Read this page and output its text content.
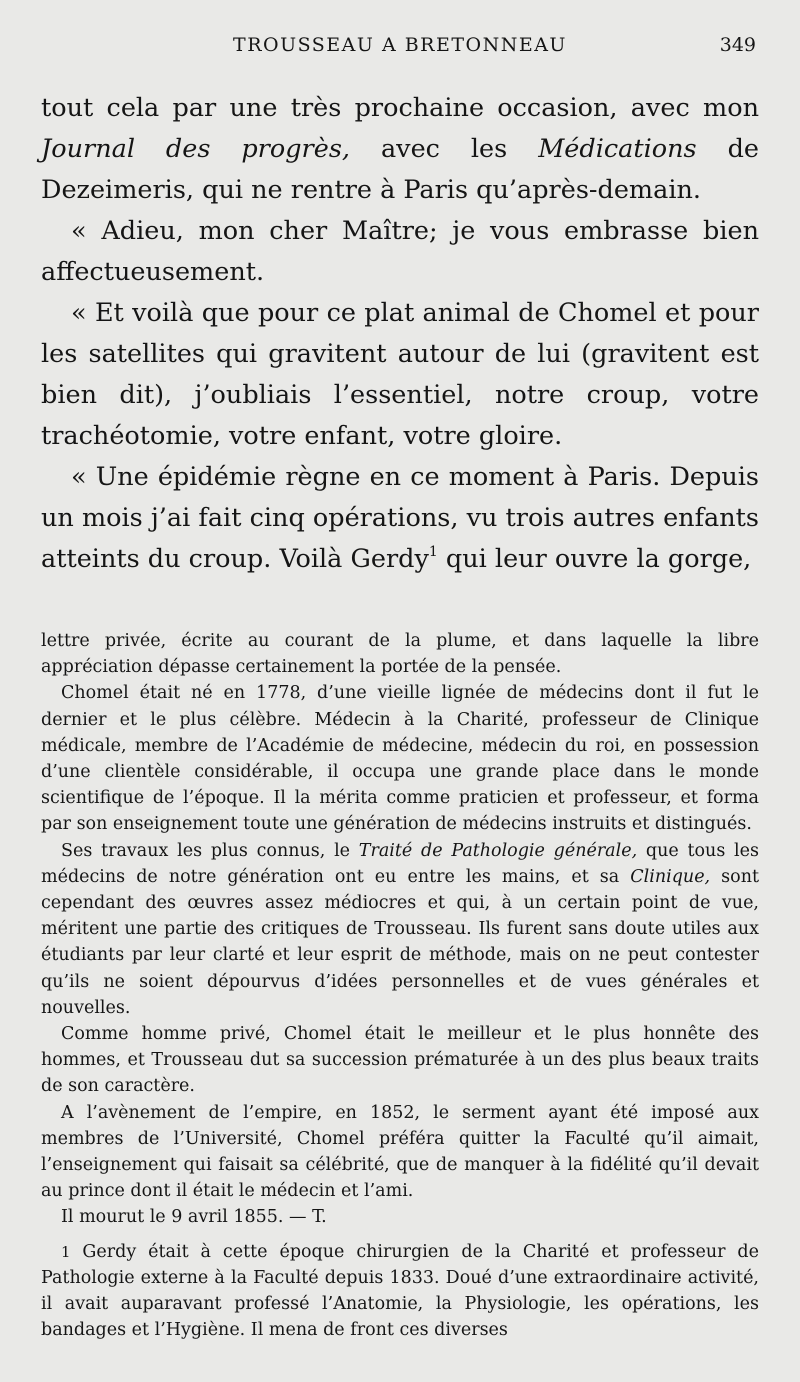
TROUSSEAU A BRETONNEAU	349

tout cela par une très prochaine occasion, avec mon Journal des progrès, avec les Médications de Dezeimeris, qui ne rentre à Paris qu’après-demain.

« Adieu, mon cher Maître; je vous embrasse bien affectueusement.

« Et voilà que pour ce plat animal de Chomel et pour les satellites qui gravitent autour de lui (gravitent est bien dit), j’oubliais l’essentiel, notre croup, votre trachéotomie, votre enfant, votre gloire.

« Une épidémie règne en ce moment à Paris. Depuis un mois j’ai fait cinq opérations, vu trois autres enfants atteints du croup. Voilà Gerdy$^1$ qui leur ouvre la gorge,

lettre privée, écrite au courant de la plume, et dans laquelle la libre appréciation dépasse certainement la portée de la pensée.

Chomel était né en 1778, d’une vieille lignée de médecins dont il fut le dernier et le plus célèbre. Médecin à la Charité, professeur de Clinique médicale, membre de l’Académie de médecine, médecin du roi, en possession d’une clientèle considérable, il occupa une grande place dans le monde scientifique de l’époque. Il la mérita comme praticien et professeur, et forma par son enseignement toute une génération de médecins instruits et distingués.

Ses travaux les plus connus, le Traité de Pathologie générale, que tous les médecins de notre génération ont eu entre les mains, et sa Clinique, sont cependant des œuvres assez médiocres et qui, à un certain point de vue, méritent une partie des critiques de Trousseau. Ils furent sans doute utiles aux étudiants par leur clarté et leur esprit de méthode, mais on ne peut contester qu’ils ne soient dépourvus d’idées personnelles et de vues générales et nouvelles.

Comme homme privé, Chomel était le meilleur et le plus honnête des hommes, et Trousseau dut sa succession prématurée à un des plus beaux traits de son caractère.

A l’avènement de l’empire, en 1852, le serment ayant été imposé aux membres de l’Université, Chomel préféra quitter la Faculté qu’il aimait, l’enseignement qui faisait sa célébrité, que de manquer à la fidélité qu’il devait au prince dont il était le médecin et l’ami.

Il mourut le 9 avril 1855. — T.

1 Gerdy était à cette époque chirurgien de la Charité et professeur de Pathologie externe à la Faculté depuis 1833. Doué d’une extraordinaire activité, il avait auparavant professé l’Anatomie, la Physiologie, les opérations, les bandages et l’Hygiène. Il mena de front ces diverses
